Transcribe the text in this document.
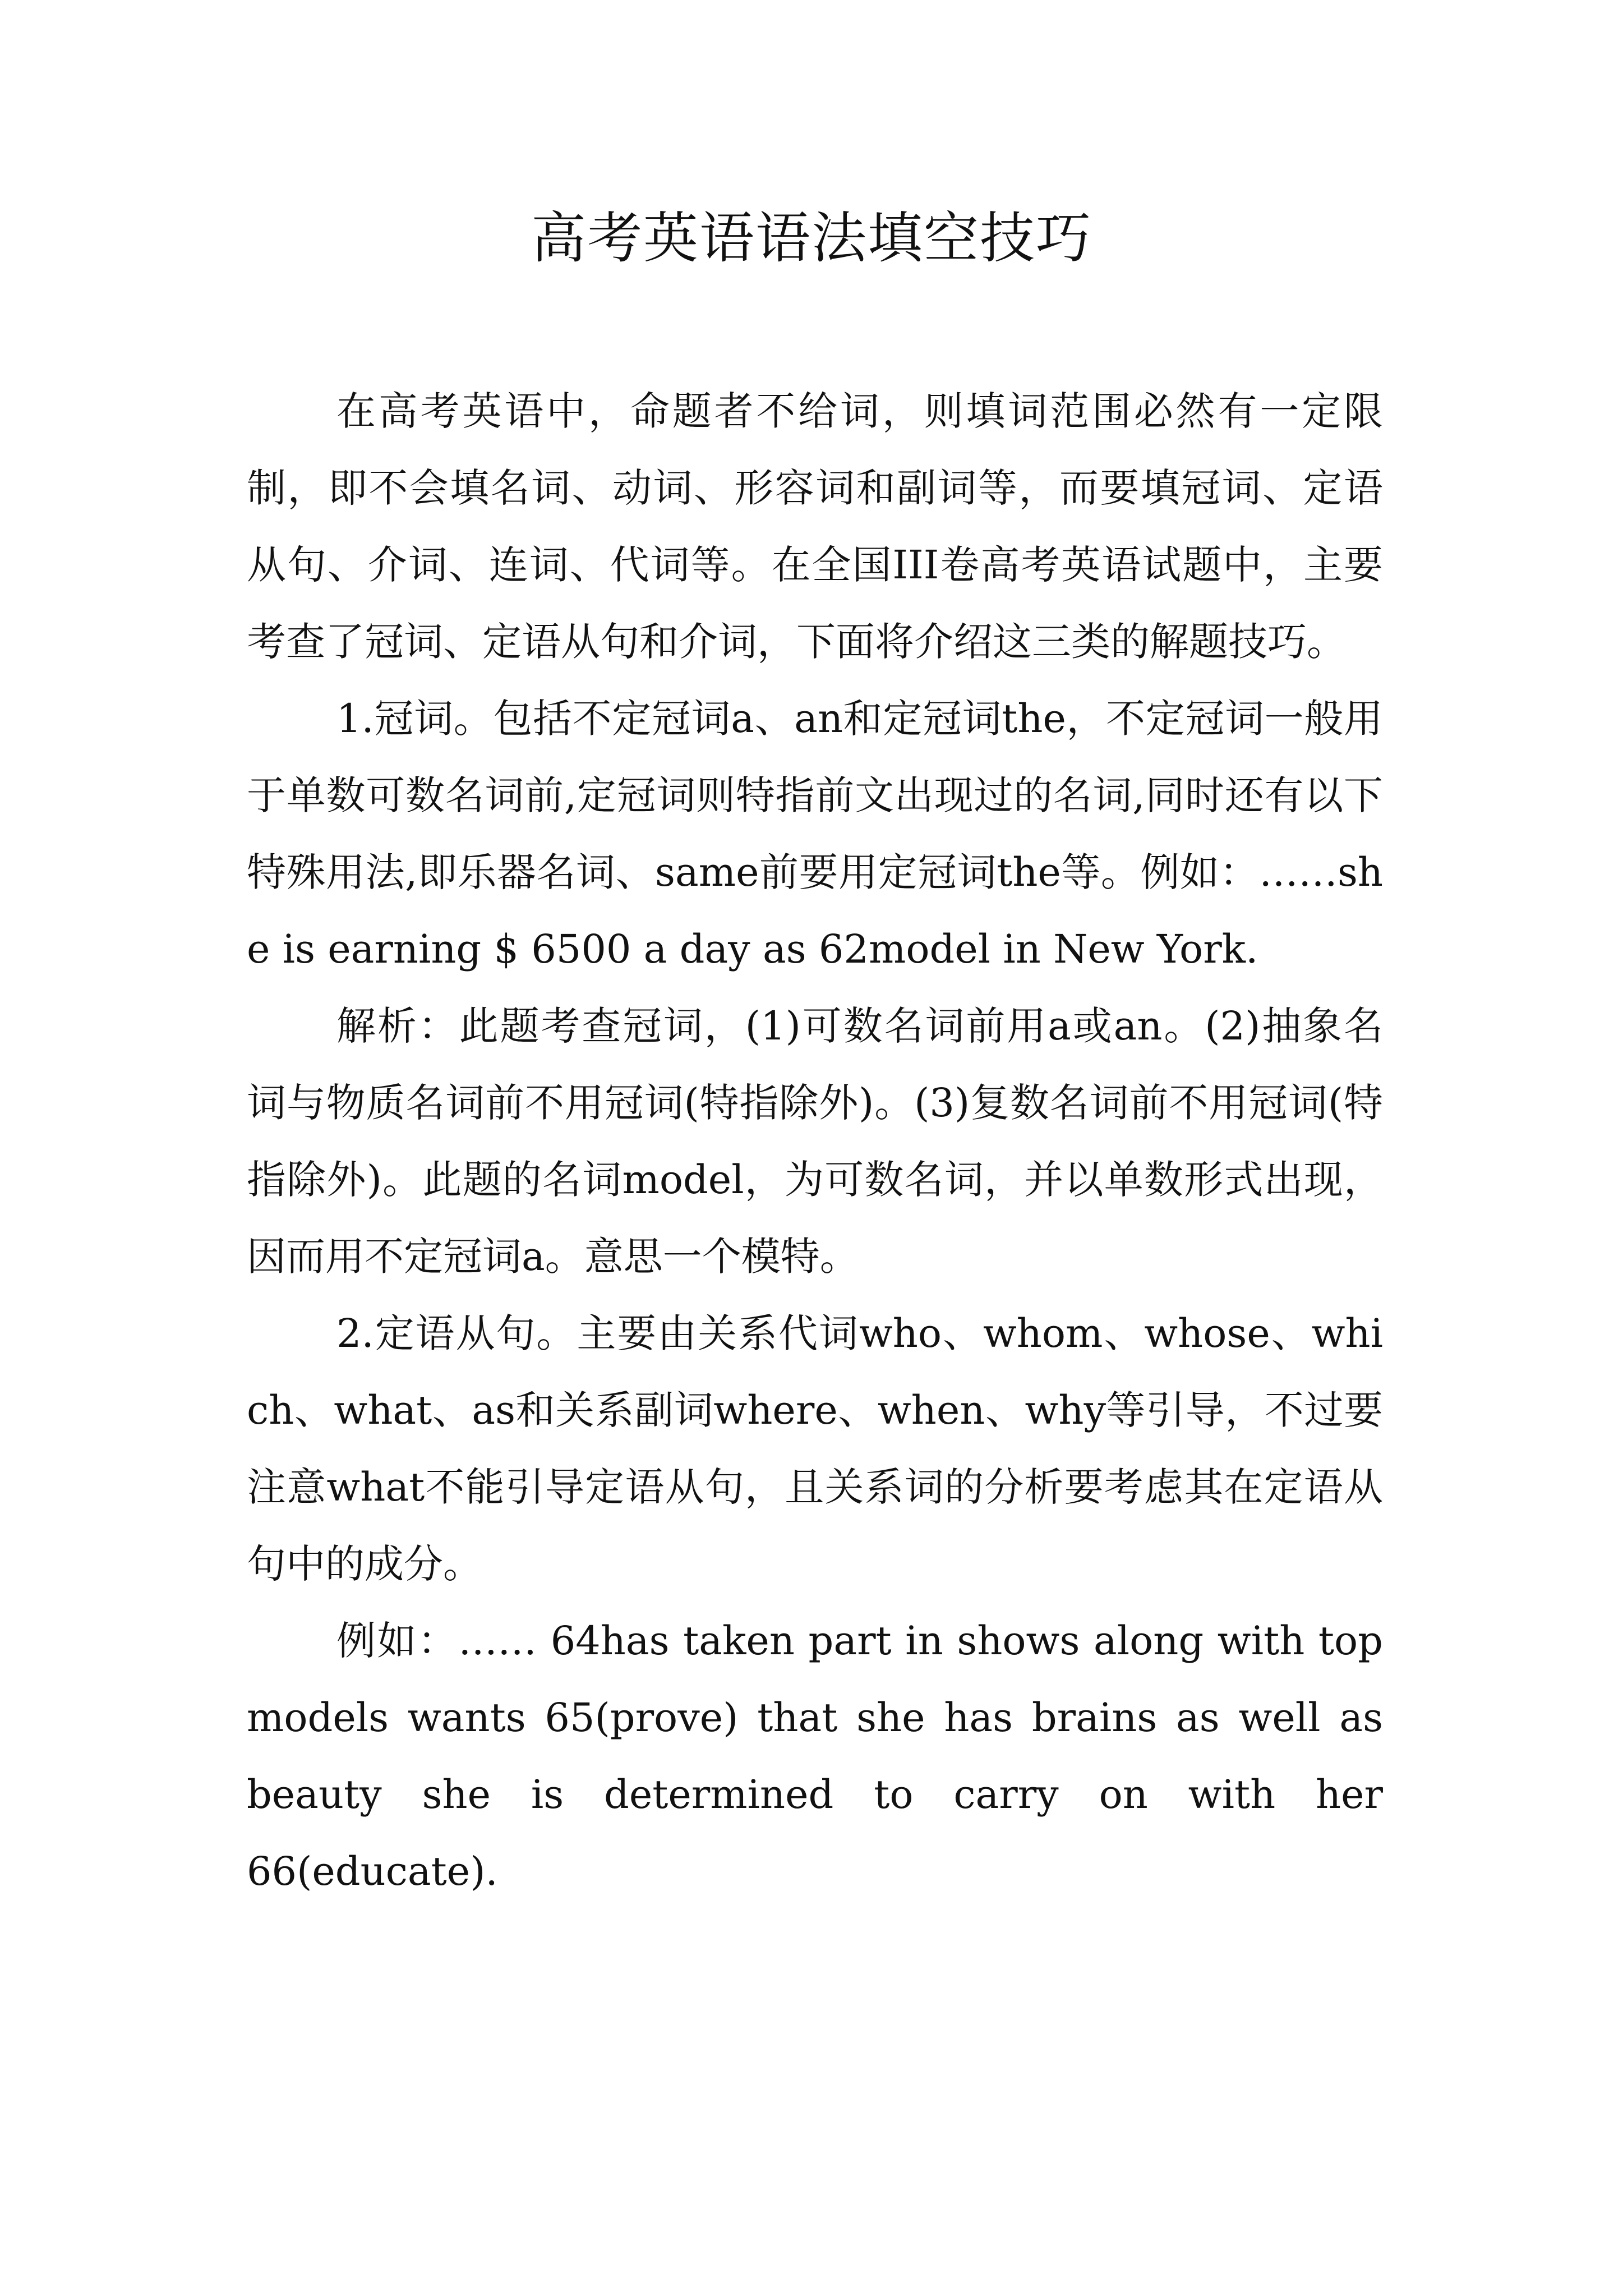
高考英语语法填空技巧

在高考英语中，命题者不给词，则填词范围必然有一定限制，即不会填名词、动词、形容词和副词等，而要填冠词、定语从句、介词、连词、代词等。在全国III卷高考英语试题中，主要考查了冠词、定语从句和介词，下面将介绍这三类的解题技巧。

1.冠词。包括不定冠词a、an和定冠词the，不定冠词一般用于单数可数名词前,定冠词则特指前文出现过的名词,同时还有以下特殊用法,即乐器名词、same前要用定冠词the等。例如：……she is earning $ 6500 a day as 62model in New York.

解析：此题考查冠词，(1)可数名词前用a或an。(2)抽象名词与物质名词前不用冠词(特指除外)。(3)复数名词前不用冠词(特指除外)。此题的名词model，为可数名词，并以单数形式出现，因而用不定冠词a。意思一个模特。

2.定语从句。主要由关系代词who、whom、whose、which、what、as和关系副词where、when、why等引导，不过要注意what不能引导定语从句，且关系词的分析要考虑其在定语从句中的成分。

例如：…… 64has taken part in shows along with top models wants 65(prove) that she has brains as well as beauty she is determined to carry on with her 66(educate).
